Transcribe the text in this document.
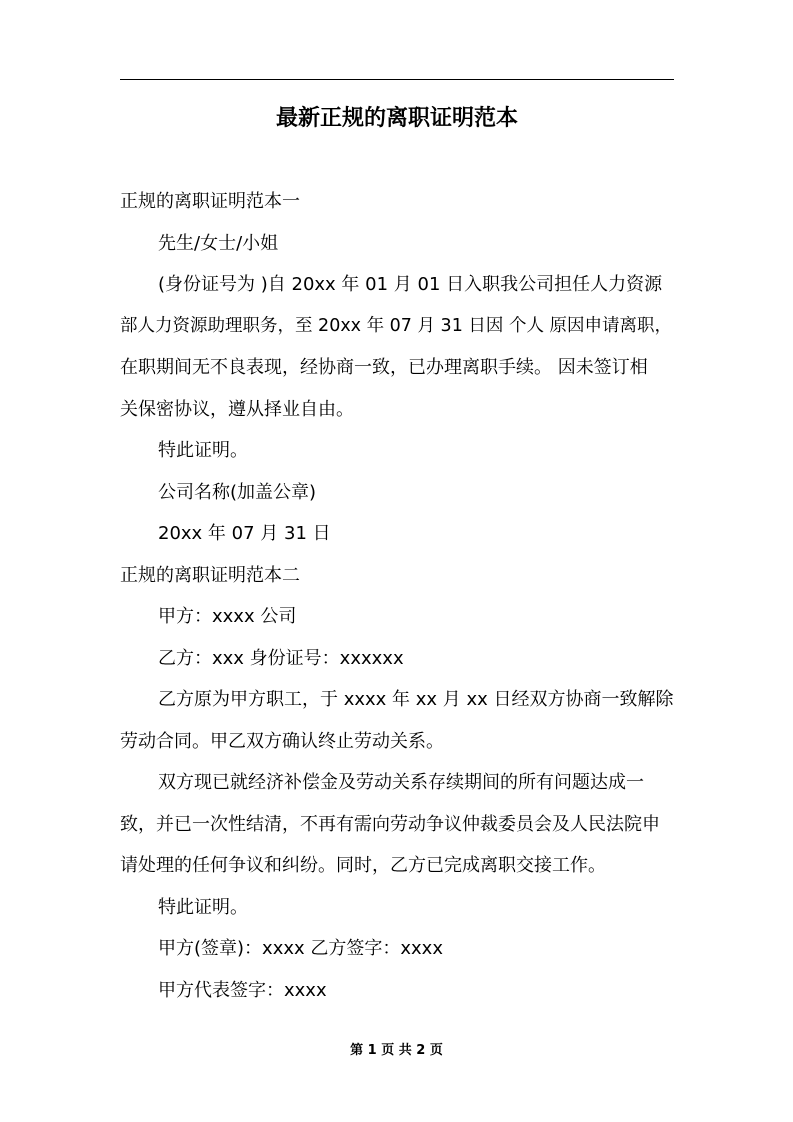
最新正规的离职证明范本

正规的离职证明范本一

先生/女士/小姐

(身份证号为 )自 20xx 年 01 月 01 日入职我公司担任人力资源

部人力资源助理职务，至 20xx 年 07 月 31 日因 个人 原因申请离职，

在职期间无不良表现，经协商一致，已办理离职手续。 因未签订相

关保密协议，遵从择业自由。

特此证明。

公司名称(加盖公章)

20xx 年 07 月 31 日

正规的离职证明范本二

甲方：xxxx 公司

乙方：xxx 身份证号：xxxxxx

乙方原为甲方职工，于 xxxx 年 xx 月 xx 日经双方协商一致解除

劳动合同。甲乙双方确认终止劳动关系。

双方现已就经济补偿金及劳动关系存续期间的所有问题达成一

致，并已一次性结清，不再有需向劳动争议仲裁委员会及人民法院申

请处理的任何争议和纠纷。同时，乙方已完成离职交接工作。

特此证明。

甲方(签章)：xxxx 乙方签字：xxxx

甲方代表签字：xxxx

第 1 页 共 2 页
